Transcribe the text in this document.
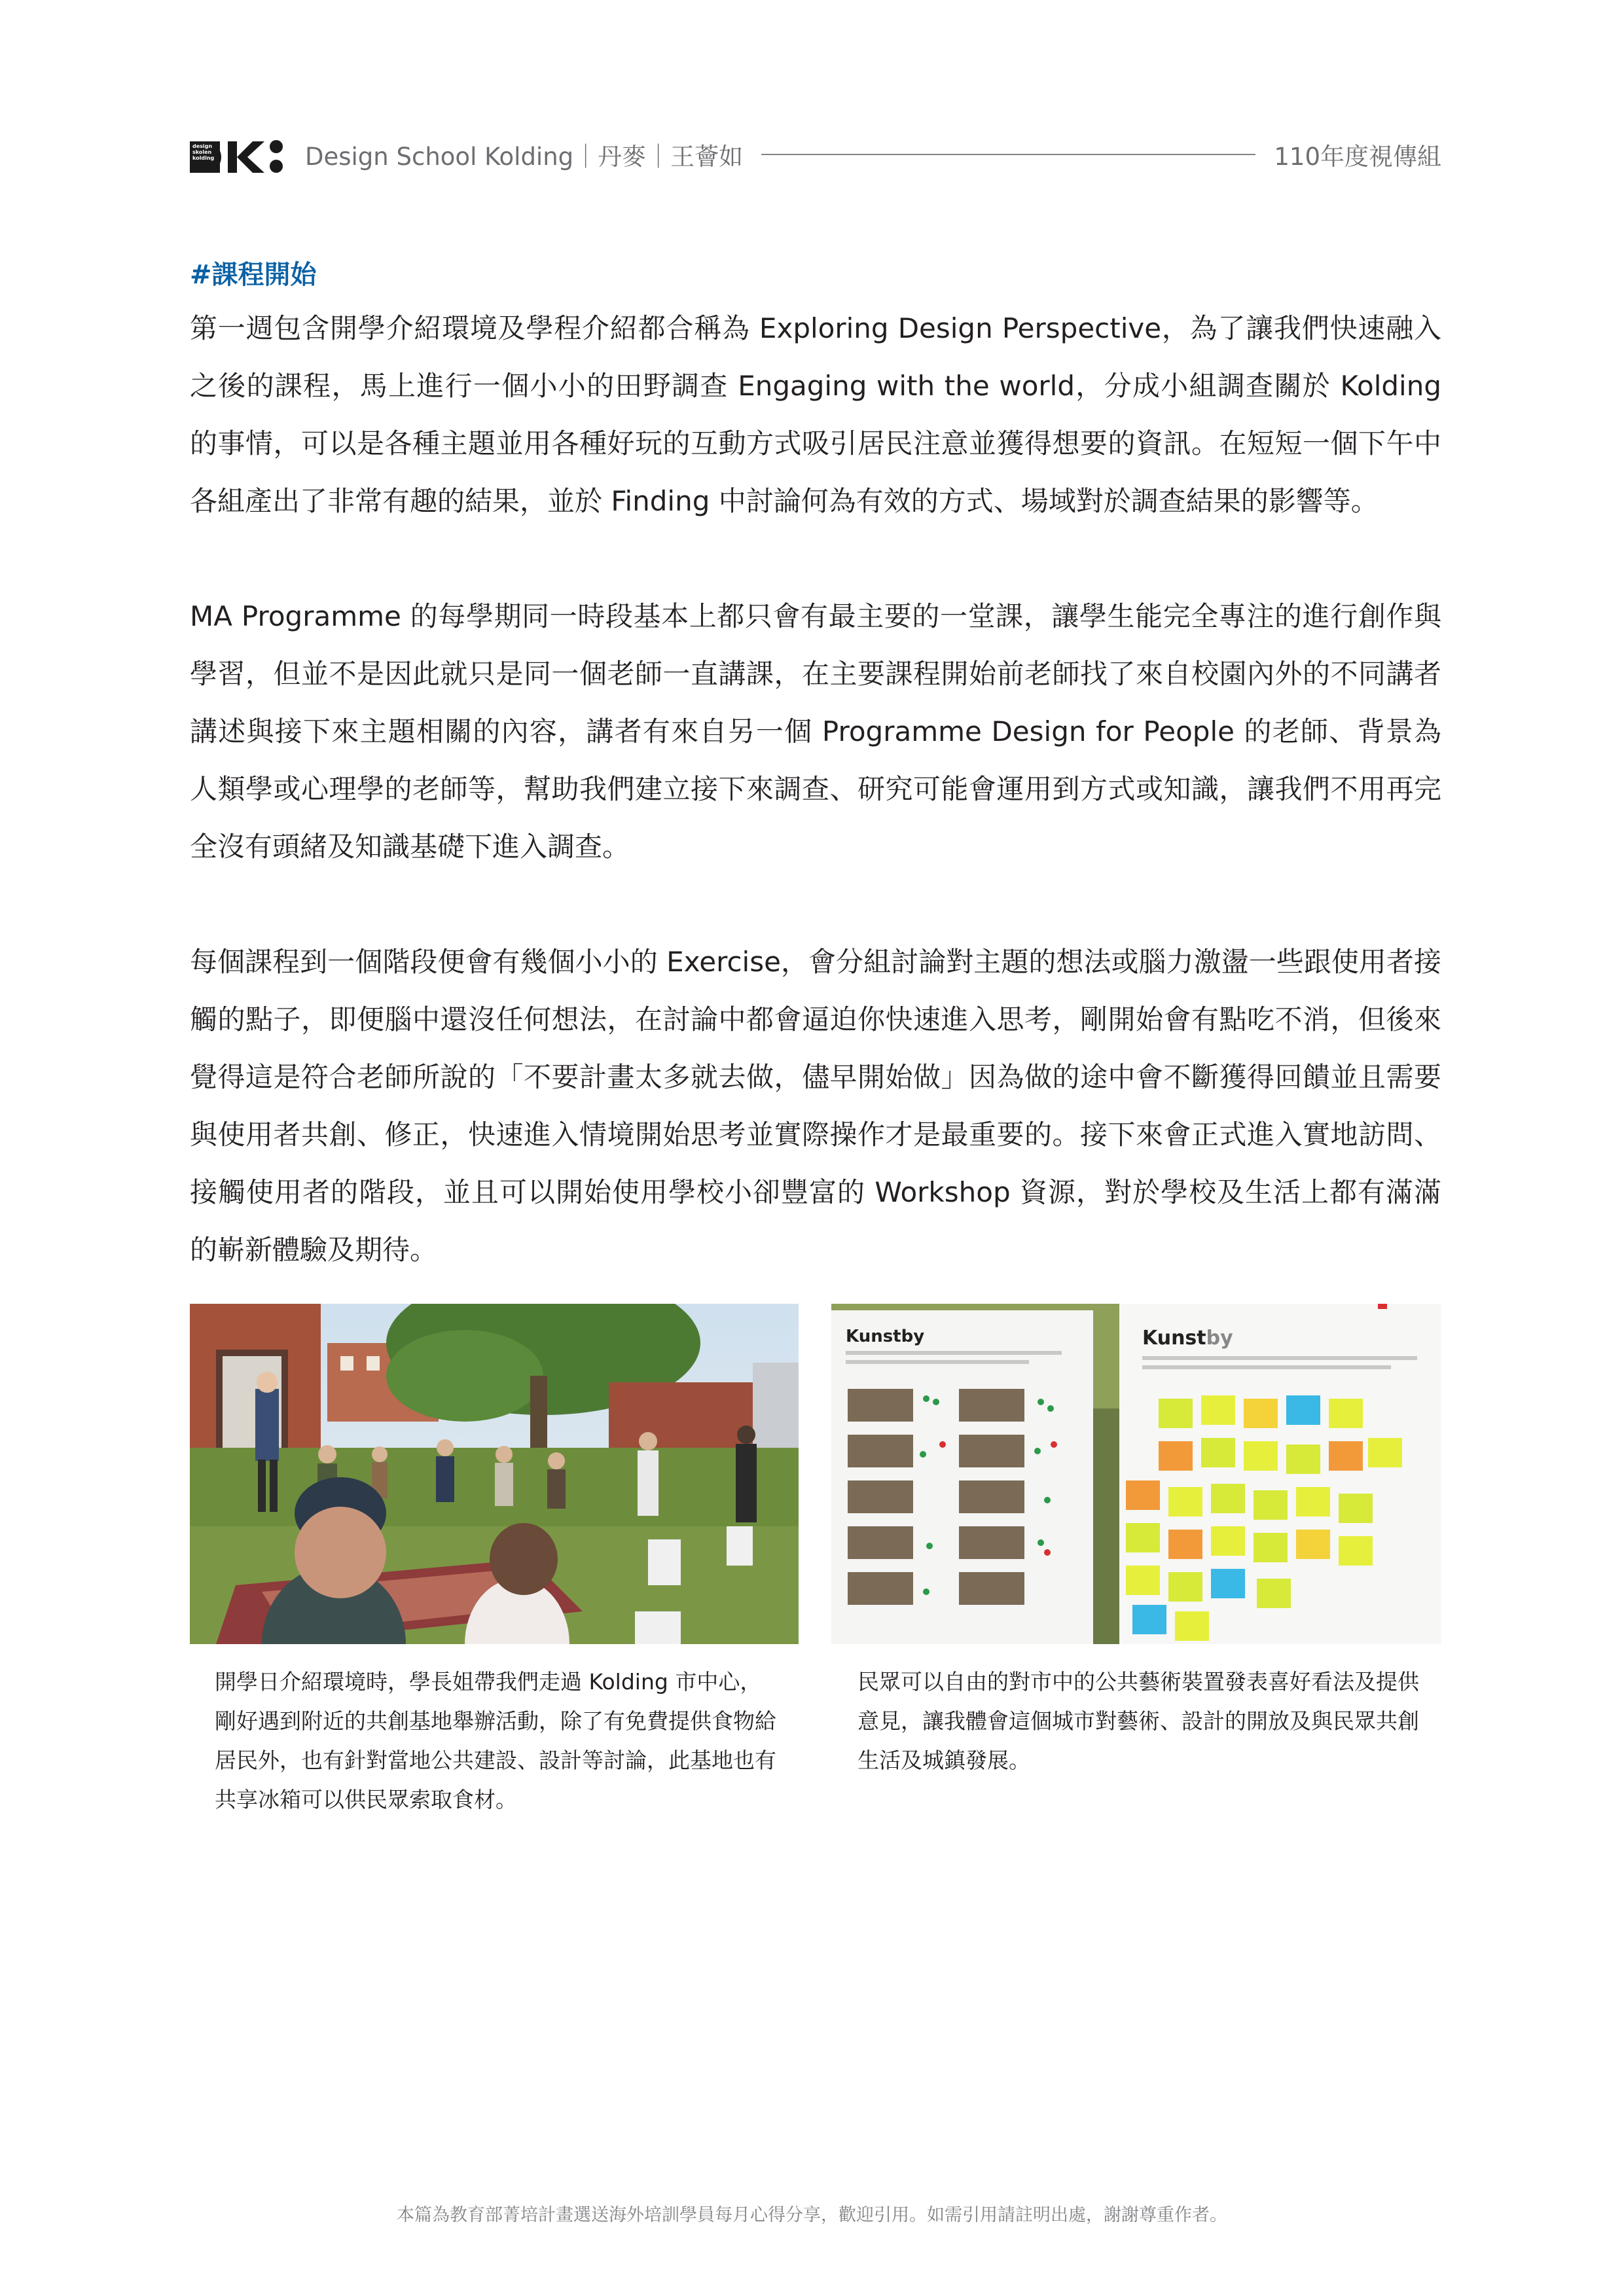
design
skolen
kolding	Design School Kolding｜丹麥｜王薈如	110年度視傳組
#課程開始

第一週包含開學介紹環境及學程介紹都合稱為 Exploring Design Perspective，為了讓我們快速融入之後的課程，馬上進行一個小小的田野調查 Engaging with the world，分成小組調查關於 Kolding 的事情，可以是各種主題並用各種好玩的互動方式吸引居民注意並獲得想要的資訊。在短短一個下午中各組產出了非常有趣的結果，並於 Finding 中討論何為有效的方式、場域對於調查結果的影響等。

MA Programme 的每學期同一時段基本上都只會有最主要的一堂課，讓學生能完全專注的進行創作與學習，但並不是因此就只是同一個老師一直講課，在主要課程開始前老師找了來自校園內外的不同講者講述與接下來主題相關的內容，講者有來自另一個 Programme Design for People 的老師、背景為人類學或心理學的老師等，幫助我們建立接下來調查、研究可能會運用到方式或知識，讓我們不用再完全沒有頭緒及知識基礎下進入調查。

每個課程到一個階段便會有幾個小小的 Exercise，會分組討論對主題的想法或腦力激盪一些跟使用者接觸的點子，即便腦中還沒任何想法，在討論中都會逼迫你快速進入思考，剛開始會有點吃不消，但後來覺得這是符合老師所說的「不要計畫太多就去做，儘早開始做」因為做的途中會不斷獲得回饋並且需要與使用者共創、修正，快速進入情境開始思考並實際操作才是最重要的。接下來會正式進入實地訪問、接觸使用者的階段，並且可以開始使用學校小卻豐富的 Workshop 資源，對於學校及生活上都有滿滿的嶄新體驗及期待。

Kunstby	Kunstby

開學日介紹環境時，學長姐帶我們走過 Kolding 市中心，剛好遇到附近的共創基地舉辦活動，除了有免費提供食物給居民外，也有針對當地公共建設、設計等討論，此基地也有共享冰箱可以供民眾索取食材。

民眾可以自由的對市中的公共藝術裝置發表喜好看法及提供意見，讓我體會這個城市對藝術、設計的開放及與民眾共創生活及城鎮發展。

本篇為教育部菁培計畫選送海外培訓學員每月心得分享，歡迎引用。如需引用請註明出處，謝謝尊重作者。
